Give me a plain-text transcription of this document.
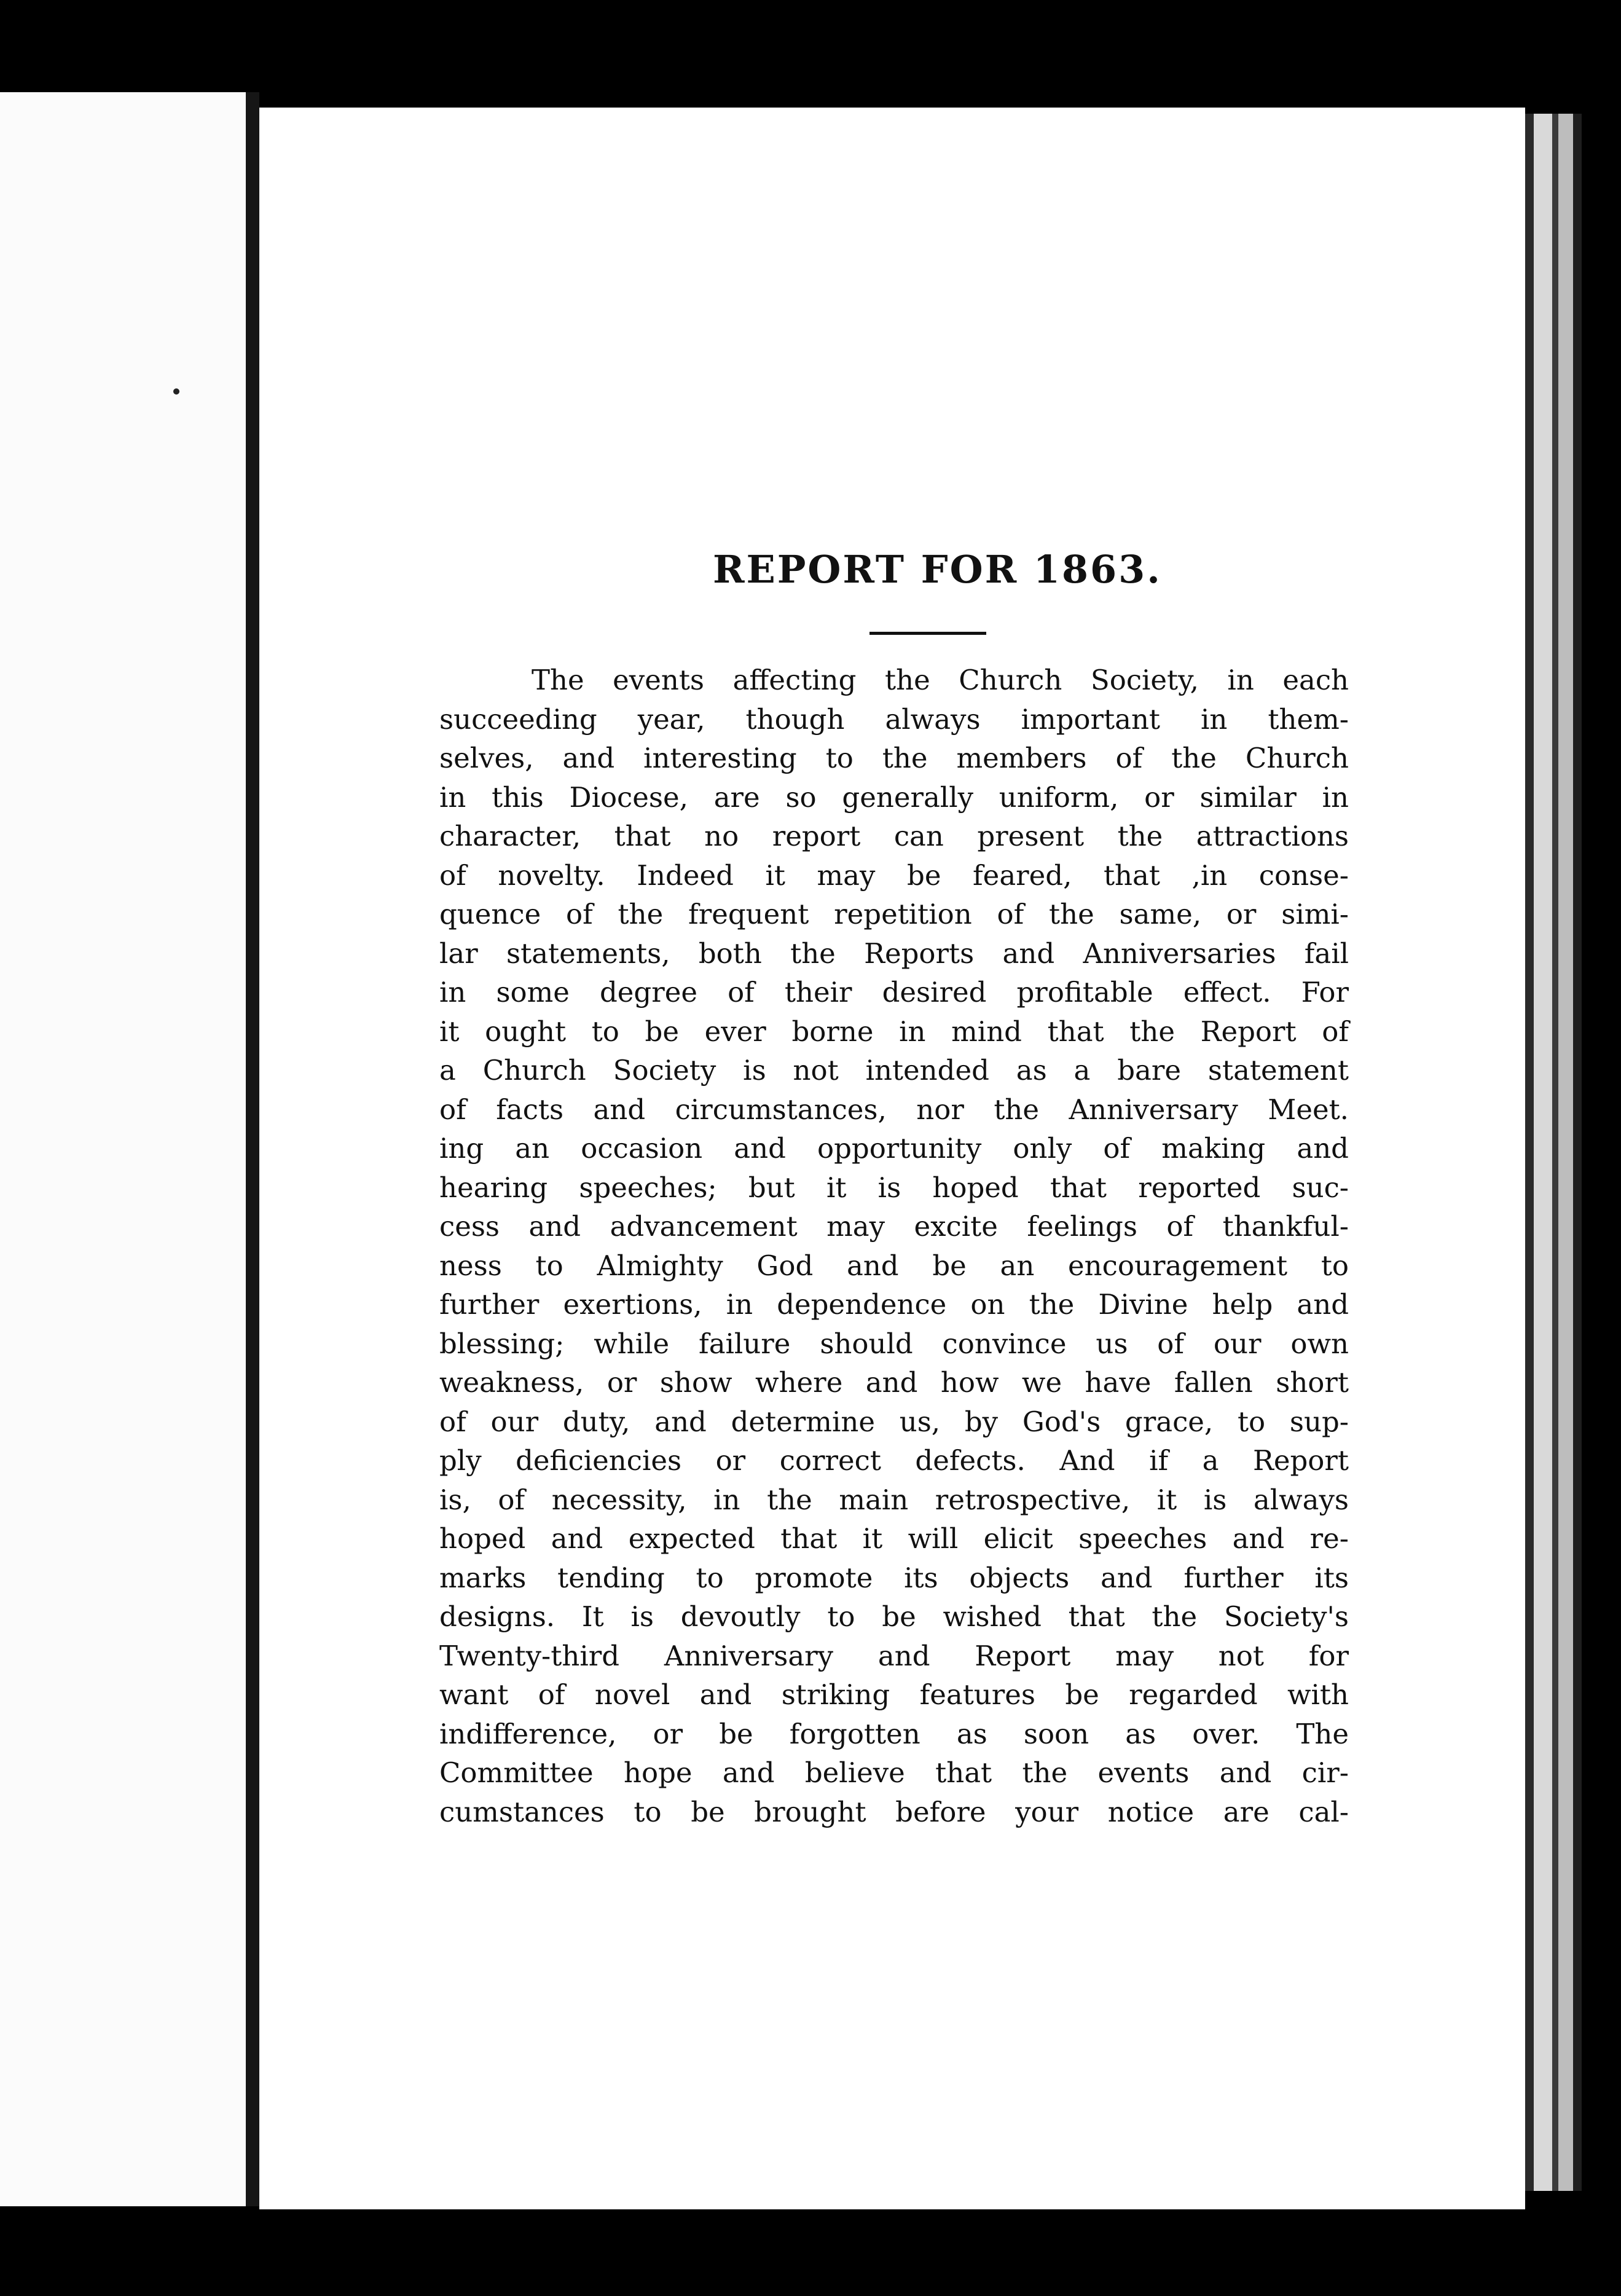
REPORT FOR 1863.
The events affecting the Church Society, in each
succeeding year, though always important in them-
selves, and interesting to the members of the Church
in this Diocese, are so generally uniform, or similar in
character, that no report can present the attractions
of novelty. Indeed it may be feared, that ,in conse-
quence of the frequent repetition of the same, or simi-
lar statements, both the Reports and Anniversaries fail
in some degree of their desired profitable effect. For
it ought to be ever borne in mind that the Report of
a Church Society is not intended as a bare statement
of facts and circumstances, nor the Anniversary Meet.
ing an occasion and opportunity only of making and
hearing speeches; but it is hoped that reported suc-
cess and advancement may excite feelings of thankful-
ness to Almighty God and be an encouragement to
further exertions, in dependence on the Divine help and
blessing; while failure should convince us of our own
weakness, or show where and how we have fallen short
of our duty, and determine us, by God's grace, to sup-
ply deficiencies or correct defects. And if a Report
is, of necessity, in the main retrospective, it is always
hoped and expected that it will elicit speeches and re-
marks tending to promote its objects and further its
designs. It is devoutly to be wished that the Society's
Twenty-third Anniversary and Report may not for
want of novel and striking features be regarded with
indifference, or be forgotten as soon as over. The
Committee hope and believe that the events and cir-
cumstances to be brought before your notice are cal-
